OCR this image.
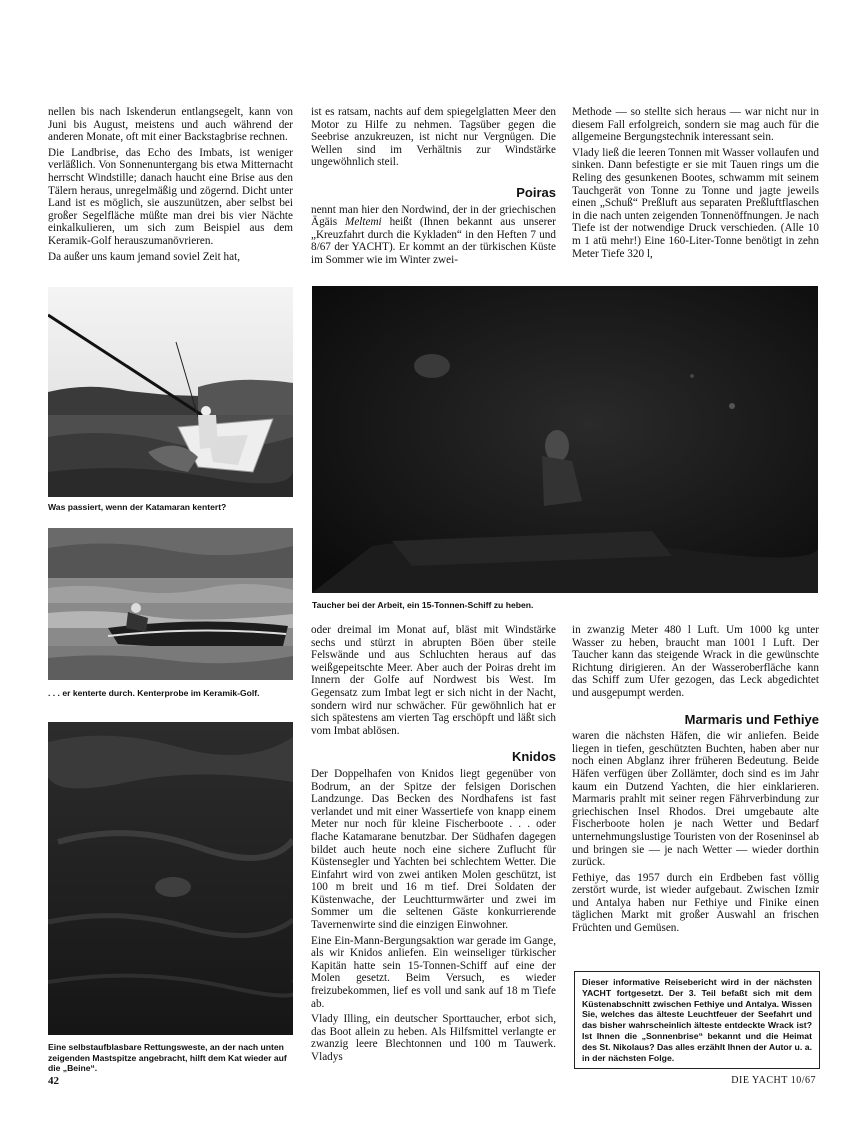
nellen bis nach Iskenderun entlangsegelt, kann von Juni bis August, meistens und auch während der anderen Monate, oft mit einer Backstagbrise rechnen.

Die Landbrise, das Echo des Imbats, ist weniger verläßlich. Von Sonnenuntergang bis etwa Mitternacht herrscht Windstille; danach haucht eine Brise aus den Tälern heraus, unregelmäßig und zögernd. Dicht unter Land ist es möglich, sie auszunützen, aber selbst bei großer Segelfläche müßte man drei bis vier Nächte einkalkulieren, um sich zum Beispiel aus dem Keramik-Golf herauszumanövrieren.

Da außer uns kaum jemand soviel Zeit hat,

ist es ratsam, nachts auf dem spiegelglatten Meer den Motor zu Hilfe zu nehmen. Tagsüber gegen die Seebrise anzukreuzen, ist nicht nur Vergnügen. Die Wellen sind im Verhältnis zur Windstärke ungewöhnlich steil.

Poiras

nennt man hier den Nordwind, der in der griechischen Ägäis Meltemi heißt (Ihnen bekannt aus unserer „Kreuzfahrt durch die Kykladen“ in den Heften 7 und 8/67 der YACHT). Er kommt an der türkischen Küste im Sommer wie im Winter zwei-

Methode — so stellte sich heraus — war nicht nur in diesem Fall erfolgreich, sondern sie mag auch für die allgemeine Bergungstechnik interessant sein.

Vlady ließ die leeren Tonnen mit Wasser vollaufen und sinken. Dann befestigte er sie mit Tauen rings um die Reling des gesunkenen Bootes, schwamm mit seinem Tauchgerät von Tonne zu Tonne und jagte jeweils einen „Schuß“ Preßluft aus separaten Preßluftflaschen in die nach unten zeigenden Tonnenöffnungen. Je nach Tiefe ist der notwendige Druck verschieden. (Alle 10 m 1 atü mehr!) Eine 160-Liter-Tonne benötigt in zehn Meter Tiefe 320 l,

Was passiert, wenn der Katamaran kentert?
. . . er kenterte durch. Kenterprobe im Keramik-Golf.
Eine selbstaufblasbare Rettungsweste, an der nach unten zeigenden Mastspitze angebracht, hilft dem Kat wieder auf die „Beine“.
Taucher bei der Arbeit, ein 15-Tonnen-Schiff zu heben.

oder dreimal im Monat auf, bläst mit Windstärke sechs und stürzt in abrupten Böen über steile Felswände und aus Schluchten heraus auf das weißgepeitschte Meer. Aber auch der Poiras dreht im Innern der Golfe auf Nordwest bis West. Im Gegensatz zum Imbat legt er sich nicht in der Nacht, sondern wird nur schwächer. Für gewöhnlich hat er sich spätestens am vierten Tag erschöpft und läßt sich vom Imbat ablösen.

Knidos

Der Doppelhafen von Knidos liegt gegenüber von Bodrum, an der Spitze der felsigen Dorischen Landzunge. Das Becken des Nordhafens ist fast verlandet und mit einer Wassertiefe von knapp einem Meter nur noch für kleine Fischerboote . . . oder flache Katamarane benutzbar. Der Südhafen dagegen bildet auch heute noch eine sichere Zuflucht für Küstensegler und Yachten bei schlechtem Wetter. Die Einfahrt wird von zwei antiken Molen geschützt, ist 100 m breit und 16 m tief. Drei Soldaten der Küstenwache, der Leuchtturmwärter und zwei im Sommer um die seltenen Gäste konkurrierende Tavernenwirte sind die einzigen Einwohner.

Eine Ein-Mann-Bergungsaktion war gerade im Gange, als wir Knidos anliefen. Ein weinseliger türkischer Kapitän hatte sein 15-Tonnen-Schiff auf eine der Molen gesetzt. Beim Versuch, es wieder freizubekommen, lief es voll und sank auf 18 m Tiefe ab.

Vlady Illing, ein deutscher Sporttaucher, erbot sich, das Boot allein zu heben. Als Hilfsmittel verlangte er zwanzig leere Blechtonnen und 100 m Tauwerk. Vladys

in zwanzig Meter 480 l Luft. Um 1000 kg unter Wasser zu heben, braucht man 1001 l Luft. Der Taucher kann das steigende Wrack in die gewünschte Richtung dirigieren. An der Wasseroberfläche kann das Schiff zum Ufer gezogen, das Leck abgedichtet und ausgepumpt werden.

Marmaris und Fethiye

waren die nächsten Häfen, die wir anliefen. Beide liegen in tiefen, geschützten Buchten, haben aber nur noch einen Abglanz ihrer früheren Bedeutung. Beide Häfen verfügen über Zollämter, doch sind es im Jahr kaum ein Dutzend Yachten, die hier einklarieren. Marmaris prahlt mit seiner regen Fährverbindung zur griechischen Insel Rhodos. Drei umgebaute alte Fischerboote holen je nach Wetter und Bedarf unternehmungslustige Touristen von der Roseninsel ab und bringen sie — je nach Wetter — wieder dorthin zurück.

Fethiye, das 1957 durch ein Erdbeben fast völlig zerstört wurde, ist wieder aufgebaut. Zwischen Izmir und Antalya haben nur Fethiye und Finike einen täglichen Markt mit großer Auswahl an frischen Früchten und Gemüsen.

Dieser informative Reisebericht wird in der nächsten YACHT fortgesetzt. Der 3. Teil befaßt sich mit dem Küstenabschnitt zwischen Fethiye und Antalya. Wissen Sie, welches das älteste Leuchtfeuer der Seefahrt und das bisher wahrscheinlich älteste entdeckte Wrack ist? Ist Ihnen die „Sonnenbrise“ bekannt und die Heimat des St. Nikolaus? Das alles erzählt Ihnen der Autor u. a. in der nächsten Folge.
42	DIE YACHT 10/67
